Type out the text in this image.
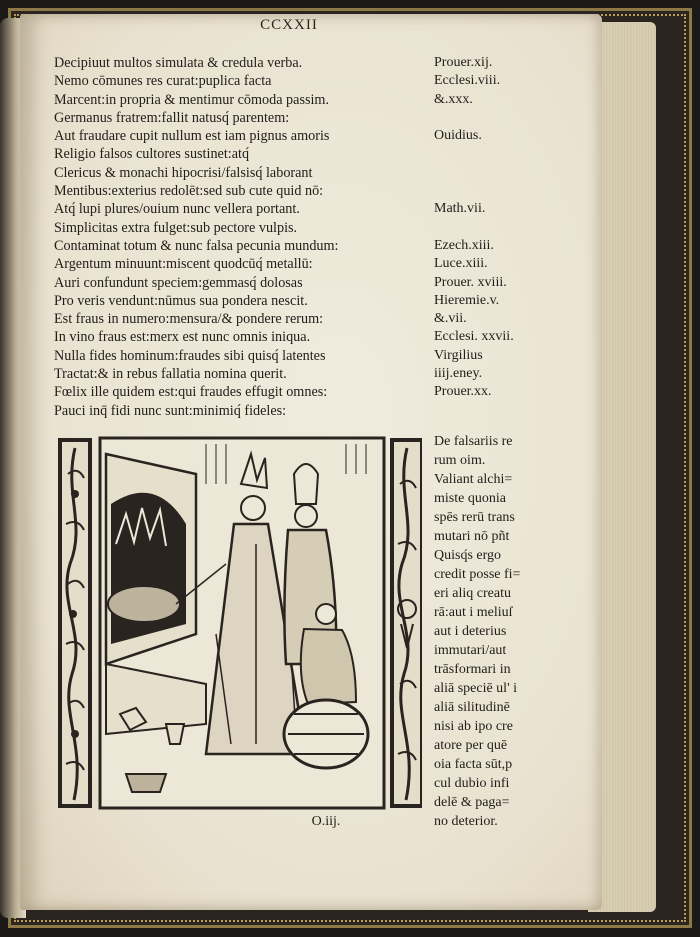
CCXXII
Decipiuut multos simulata & credula verba.
Nemo cōmunes res curat:puplica facta
Marcent:in propria & mentimur cōmoda passim.
Germanus fratrem:fallit natusq́ parentem:
Aut fraudare cupit nullum est iam pignus amoris
Religio falsos cultores sustinet:atq́
Clericus & monachi hipocrisi/falsisq́ laborant
Mentibus:exterius redolēt:sed sub cute quid nō:
Atq́ lupi plures/ouium nunc vellera portant.
Simplicitas extra fulget:sub pectore vulpis.
Contaminat totum & nunc falsa pecunia mundum:
Argentum minuunt:miscent quodcūq́ metallū:
Auri confundunt speciem:gemmasq́ dolosas
Pro veris vendunt:nūmus sua pondera nescit.
Est fraus in numero:mensura/& pondere rerum:
In vino fraus est:merx est nunc omnis iniqua.
Nulla fides hominum:fraudes sibi quisq́ latentes
Tractat:& in rebus fallatia nomina querit.
Fœlix ille quidem est:qui fraudes effugit omnes:
Pauci inq̄ fidi nunc sunt:minimiq́ fideles:
Prouer.xij.
Ecclesi.viii.
&.xxx.
Ouidius.
Math.vii.
Ezech.xiii.
Luce.xiii.
Prouer. xviii.
Hieremie.v.
&.vii.
Ecclesi. xxvii.
Virgilius
iiij.eney.
Prouer.xx.
De falsariis re
rum oim.
Valiant alchi=
miste quonia
spēs rerū trans
mutari nō pñt
Quisq́s ergo
credit posse fi=
eri aliq creatu
rā:aut i meliuſ
aut i deterius
immutari/aut
trāsformari in
aliā speciē ul' i
aliā silitudinē
nisi ab ipo cre
atore per quē
oia facta sūt,p
cul dubio infi
delē & paga=
no deterior.
O.iij.
